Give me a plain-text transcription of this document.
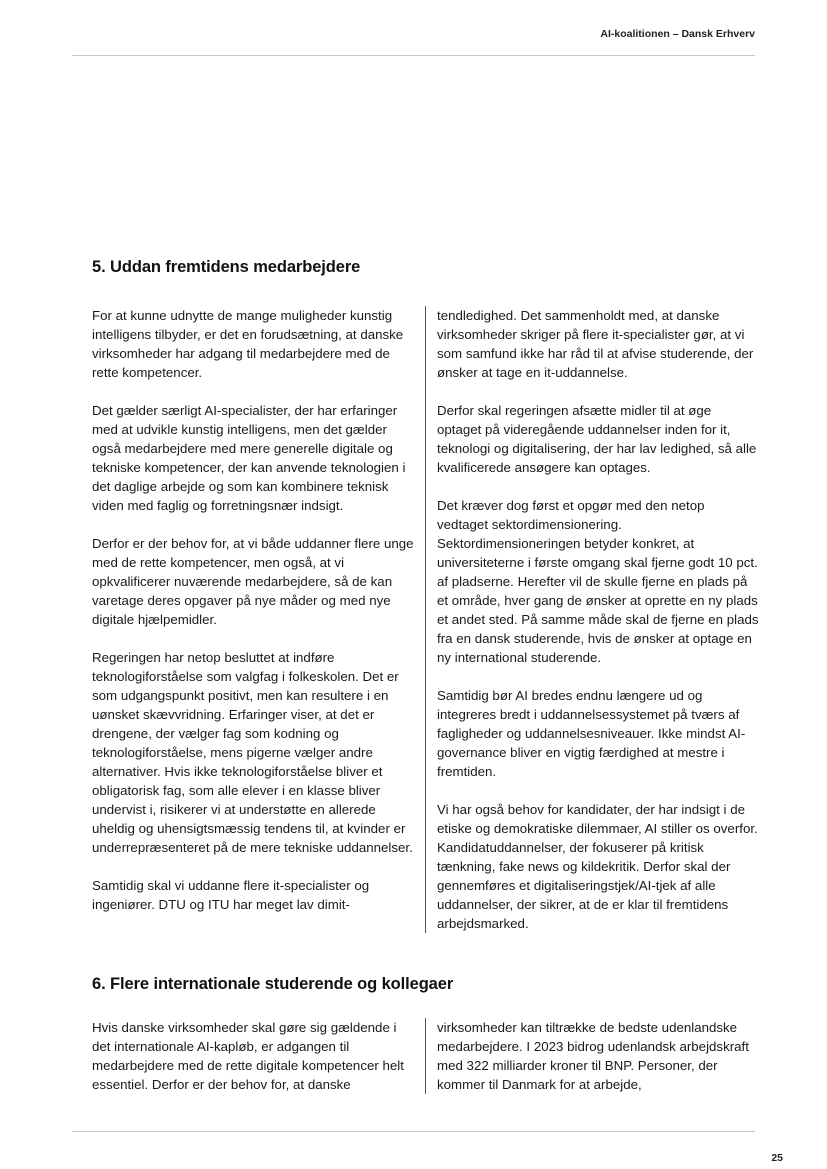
AI-koalitionen – Dansk Erhverv
5. Uddan fremtidens medarbejdere

For at kunne udnytte de mange muligheder kunstig intelligens tilbyder, er det en forudsætning, at danske virksomheder har adgang til medarbejdere med de rette kompetencer.

Det gælder særligt AI-specialister, der har erfaringer med at udvikle kunstig intelligens, men det gælder også medarbejdere med mere generelle digitale og tekniske kompetencer, der kan anvende teknologien i det daglige arbejde og som kan kombinere teknisk viden med faglig og forretningsnær indsigt.

Derfor er der behov for, at vi både uddanner flere unge med de rette kompetencer, men også, at vi opkvalificerer nuværende medarbejdere, så de kan varetage deres opgaver på nye måder og med nye digitale hjælpemidler.

Regeringen har netop besluttet at indføre teknologiforståelse som valgfag i folkeskolen. Det er som udgangspunkt positivt, men kan resultere i en uønsket skævvridning. Erfaringer viser, at det er drengene, der vælger fag som kodning og teknologiforståelse, mens pigerne vælger andre alternativer. Hvis ikke teknologiforståelse bliver et obligatorisk fag, som alle elever i en klasse bliver undervist i, risikerer vi at understøtte en allerede uheldig og uhensigtsmæssig tendens til, at kvinder er underrepræsenteret på de mere tekniske uddannelser.

Samtidig skal vi uddanne flere it-specialister og ingeniører. DTU og ITU har meget lav dimit-

tendledighed. Det sammenholdt med, at danske virksomheder skriger på flere it-specialister gør, at vi som samfund ikke har råd til at afvise studerende, der ønsker at tage en it-uddannelse.

Derfor skal regeringen afsætte midler til at øge optaget på videregående uddannelser inden for it, teknologi og digitalisering, der har lav ledighed, så alle kvalificerede ansøgere kan optages.

Det kræver dog først et opgør med den netop vedtaget sektordimensionering. Sektordimensioneringen betyder konkret, at universiteterne i første omgang skal fjerne godt 10 pct. af pladserne. Herefter vil de skulle fjerne en plads på et område, hver gang de ønsker at oprette en ny plads et andet sted. På samme måde skal de fjerne en plads fra en dansk studerende, hvis de ønsker at optage en ny international studerende.

Samtidig bør AI bredes endnu længere ud og integreres bredt i uddannelsessystemet på tværs af fagligheder og uddannelsesniveauer. Ikke mindst AI-governance bliver en vigtig færdighed at mestre i fremtiden.

Vi har også behov for kandidater, der har indsigt i de etiske og demokratiske dilemmaer, AI stiller os overfor. Kandidatuddannelser, der fokuserer på kritisk tænkning, fake news og kildekritik. Derfor skal der gennemføres et digitaliseringstjek/AI-tjek af alle uddannelser, der sikrer, at de er klar til fremtidens arbejdsmarked.

6. Flere internationale studerende og kollegaer

Hvis danske virksomheder skal gøre sig gældende i det internationale AI-kapløb, er adgangen til medarbejdere med de rette digitale kompetencer helt essentiel. Derfor er der behov for, at danske

virksomheder kan tiltrække de bedste udenlandske medarbejdere. I 2023 bidrog udenlandsk arbejdskraft med 322 milliarder kroner til BNP. Personer, der kommer til Danmark for at arbejde,

25
